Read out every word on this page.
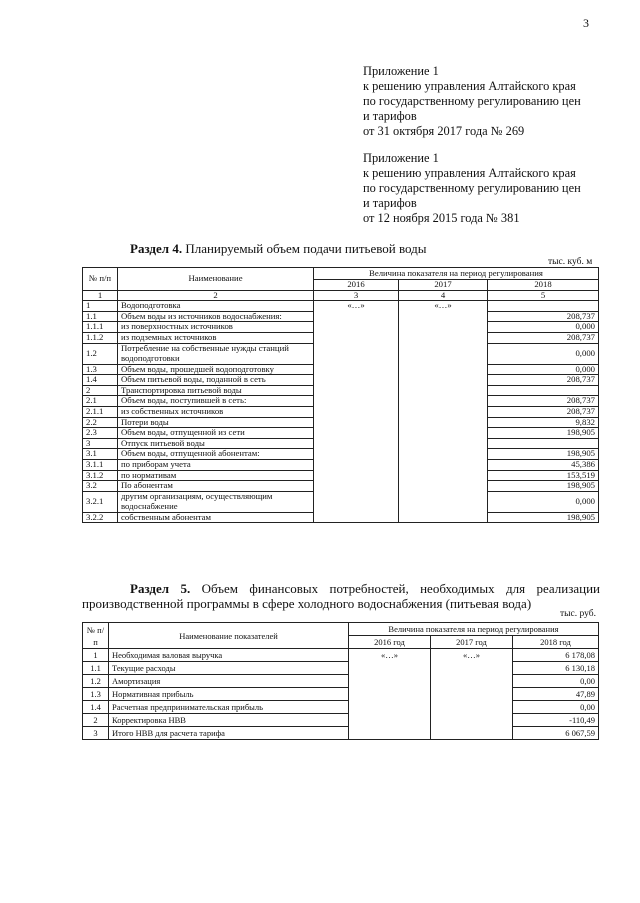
3
Приложение 1
к решению управления Алтайского края
по государственному регулированию цен
и тарифов
от 31 октября 2017 года № 269
Приложение 1
к решению управления Алтайского края
по государственному регулированию цен
и тарифов
от 12 ноября 2015 года № 381
Раздел 4. Планируемый объем подачи питьевой воды
тыс. куб. м
№ п/п	Наименование	Величина показателя на период регулирования		
		2016	2017	2018
1	2	3	4	5
1	Водоподготовка	«…»	«…»	
1.1	Объем воды из источников водоснабжения:			208,737
1.1.1	из поверхностных источников			0,000
1.1.2	из подземных источников			208,737
1.2	Потребление на собственные нужды станций водоподготовки			0,000
1.3	Объем воды, прошедшей водоподготовку			0,000
1.4	Объем питьевой воды, поданной в сеть			208,737
2	Транспортировка питьевой воды			
2.1	Объем воды, поступившей в сеть:			208,737
2.1.1	из собственных источников			208,737
2.2	Потери воды			9,832
2.3	Объем воды, отпущенной из сети			198,905
3	Отпуск питьевой воды			
3.1	Объем воды, отпущенной абонентам:			198,905
3.1.1	по приборам учета			45,386
3.1.2	по нормативам			153,519
3.2	По абонентам			198,905
3.2.1	другим организациям, осуществляющим водоснабжение			0,000
3.2.2	собственным абонентам			198,905
Раздел 5. Объем финансовых потребностей, необходимых для реализации производственной программы в сфере холодного водоснабжения (питьевая вода)
тыс. руб.
№ п/п	Наименование показателей	Величина показателя на период регулирования		
		2016 год	2017 год	2018 год
1	Необходимая валовая выручка	«…»	«…»	6 178,08
1.1	Текущие расходы			6 130,18
1.2	Амортизация			0,00
1.3	Нормативная прибыль			47,89
1.4	Расчетная предпринимательская прибыль			0,00
2	Корректировка НВВ			-110,49
3	Итого НВВ для расчета тарифа			6 067,59
